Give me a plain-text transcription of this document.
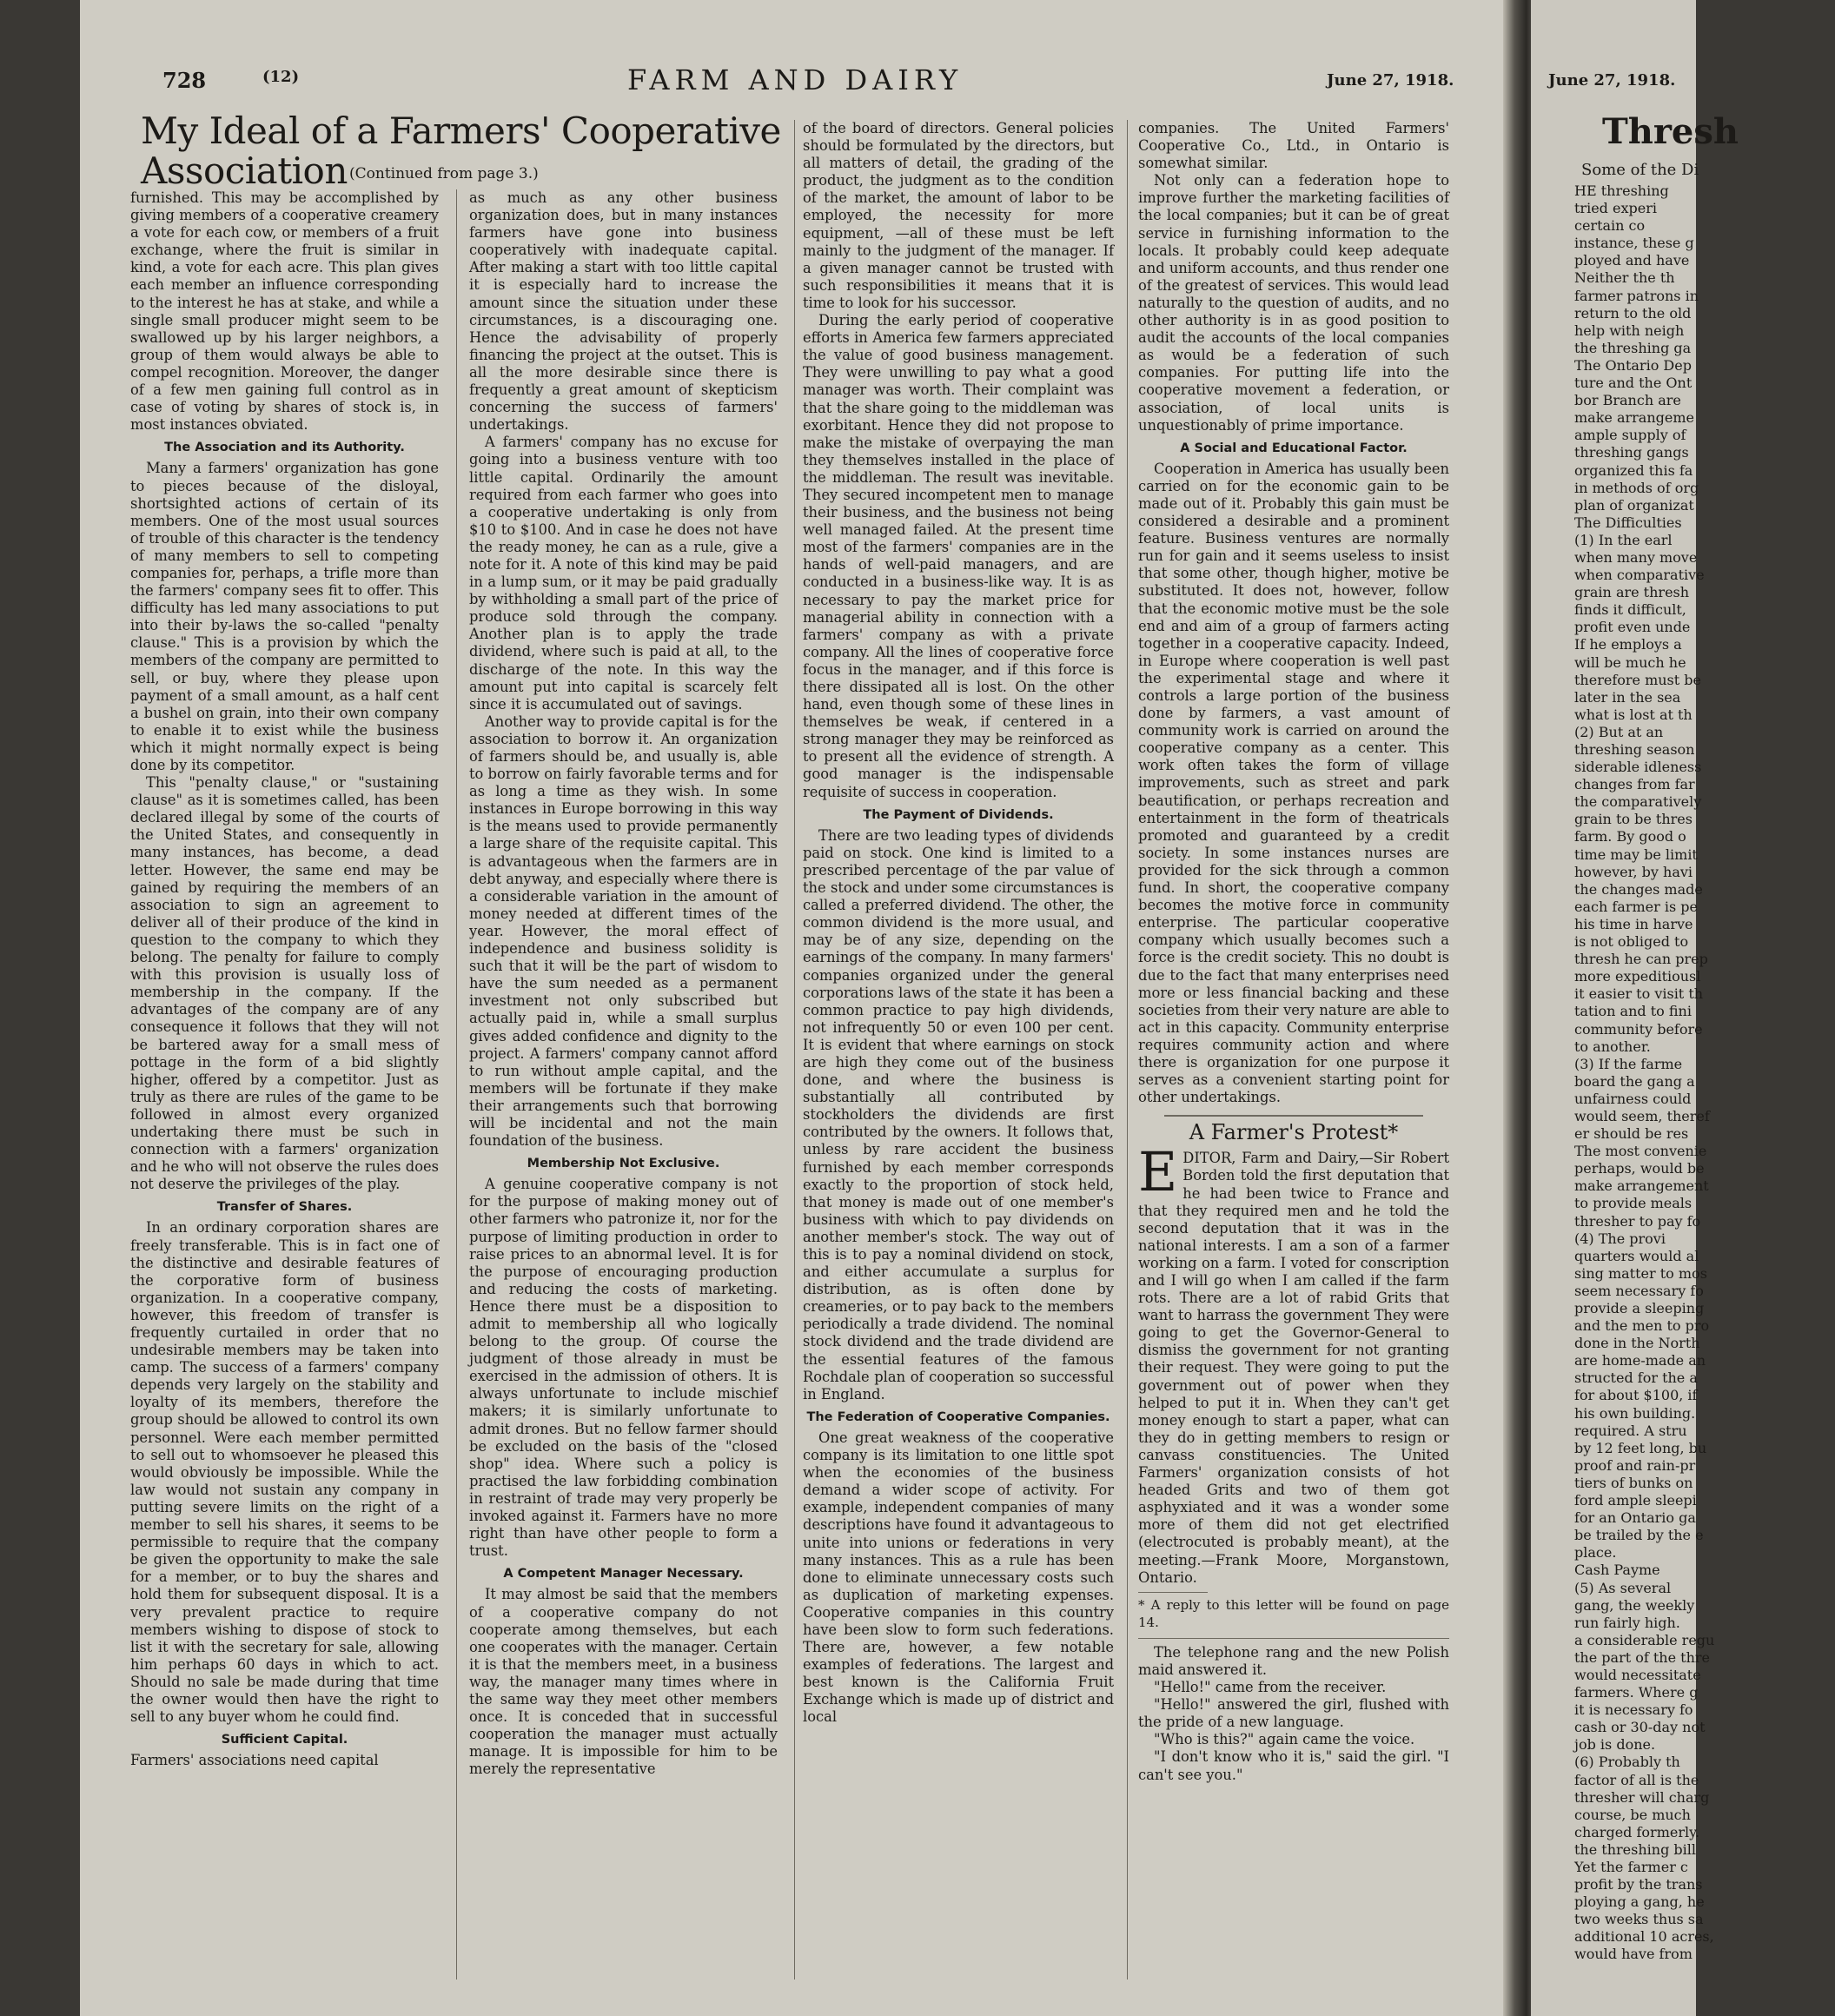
728	(12)	FARM AND DAIRY	June 27, 1918.
My Ideal of a Farmers' Cooperative Association (Continued from page 3.)

furnished. This may be accomplished by giving members of a cooperative creamery a vote for each cow, or members of a fruit exchange, where the fruit is similar in kind, a vote for each acre. This plan gives each member an influence corresponding to the interest he has at stake, and while a single small producer might seem to be swallowed up by his larger neighbors, a group of them would always be able to compel recognition. Moreover, the danger of a few men gaining full control as in case of voting by shares of stock is, in most instances obviated.

The Association and its Authority.

Many a farmers' organization has gone to pieces because of the disloyal, shortsighted actions of certain of its members. One of the most usual sources of trouble of this character is the tendency of many members to sell to competing companies for, perhaps, a trifle more than the farmers' company sees fit to offer. This difficulty has led many associations to put into their by-laws the so-called "penalty clause." This is a provision by which the members of the company are permitted to sell, or buy, where they please upon payment of a small amount, as a half cent a bushel on grain, into their own company to enable it to exist while the business which it might normally expect is being done by its competitor.

This "penalty clause," or "sustaining clause" as it is sometimes called, has been declared illegal by some of the courts of the United States, and consequently in many instances, has become, a dead letter. However, the same end may be gained by requiring the members of an association to sign an agreement to deliver all of their produce of the kind in question to the company to which they belong. The penalty for failure to comply with this provision is usually loss of membership in the company. If the advantages of the company are of any consequence it follows that they will not be bartered away for a small mess of pottage in the form of a bid slightly higher, offered by a competitor. Just as truly as there are rules of the game to be followed in almost every organized undertaking there must be such in connection with a farmers' organization and he who will not observe the rules does not deserve the privileges of the play.

Transfer of Shares.

In an ordinary corporation shares are freely transferable. This is in fact one of the distinctive and desirable features of the corporative form of business organization. In a cooperative company, however, this freedom of transfer is frequently curtailed in order that no undesirable members may be taken into camp. The success of a farmers' company depends very largely on the stability and loyalty of its members, therefore the group should be allowed to control its own personnel. Were each member permitted to sell out to whomsoever he pleased this would obviously be impossible. While the law would not sustain any company in putting severe limits on the right of a member to sell his shares, it seems to be permissible to require that the company be given the opportunity to make the sale for a member, or to buy the shares and hold them for subsequent disposal. It is a very prevalent practice to require members wishing to dispose of stock to list it with the secretary for sale, allowing him perhaps 60 days in which to act. Should no sale be made during that time the owner would then have the right to sell to any buyer whom he could find.

Sufficient Capital.

Farmers' associations need capital

as much as any other business organization does, but in many instances farmers have gone into business cooperatively with inadequate capital. After making a start with too little capital it is especially hard to increase the amount since the situation under these circumstances, is a discouraging one. Hence the advisability of properly financing the project at the outset. This is all the more desirable since there is frequently a great amount of skepticism concerning the success of farmers' undertakings.

A farmers' company has no excuse for going into a business venture with too little capital. Ordinarily the amount required from each farmer who goes into a cooperative undertaking is only from $10 to $100. And in case he does not have the ready money, he can as a rule, give a note for it. A note of this kind may be paid in a lump sum, or it may be paid gradually by withholding a small part of the price of produce sold through the company. Another plan is to apply the trade dividend, where such is paid at all, to the discharge of the note. In this way the amount put into capital is scarcely felt since it is accumulated out of savings.

Another way to provide capital is for the association to borrow it. An organization of farmers should be, and usually is, able to borrow on fairly favorable terms and for as long a time as they wish. In some instances in Europe borrowing in this way is the means used to provide permanently a large share of the requisite capital. This is advantageous when the farmers are in debt anyway, and especially where there is a considerable variation in the amount of money needed at different times of the year. However, the moral effect of independence and business solidity is such that it will be the part of wisdom to have the sum needed as a permanent investment not only subscribed but actually paid in, while a small surplus gives added confidence and dignity to the project. A farmers' company cannot afford to run without ample capital, and the members will be fortunate if they make their arrangements such that borrowing will be incidental and not the main foundation of the business.

Membership Not Exclusive.

A genuine cooperative company is not for the purpose of making money out of other farmers who patronize it, nor for the purpose of limiting production in order to raise prices to an abnormal level. It is for the purpose of encouraging production and reducing the costs of marketing. Hence there must be a disposition to admit to membership all who logically belong to the group. Of course the judgment of those already in must be exercised in the admission of others. It is always unfortunate to include mischief makers; it is similarly unfortunate to admit drones. But no fellow farmer should be excluded on the basis of the "closed shop" idea. Where such a policy is practised the law forbidding combination in restraint of trade may very properly be invoked against it. Farmers have no more right than have other people to form a trust.

A Competent Manager Necessary.

It may almost be said that the members of a cooperative company do not cooperate among themselves, but each one cooperates with the manager. Certain it is that the members meet, in a business way, the manager many times where in the same way they meet other members once. It is conceded that in successful cooperation the manager must actually manage. It is impossible for him to be merely the representative

of the board of directors. General policies should be formulated by the directors, but all matters of detail, the grading of the product, the judgment as to the condition of the market, the amount of labor to be employed, the necessity for more equipment, —all of these must be left mainly to the judgment of the manager. If a given manager cannot be trusted with such responsibilities it means that it is time to look for his successor.

During the early period of cooperative efforts in America few farmers appreciated the value of good business management. They were unwilling to pay what a good manager was worth. Their complaint was that the share going to the middleman was exorbitant. Hence they did not propose to make the mistake of overpaying the man they themselves installed in the place of the middleman. The result was inevitable. They secured incompetent men to manage their business, and the business not being well managed failed. At the present time most of the farmers' companies are in the hands of well-paid managers, and are conducted in a business-like way. It is as necessary to pay the market price for managerial ability in connection with a farmers' company as with a private company. All the lines of cooperative force focus in the manager, and if this force is there dissipated all is lost. On the other hand, even though some of these lines in themselves be weak, if centered in a strong manager they may be reinforced as to present all the evidence of strength. A good manager is the indispensable requisite of success in cooperation.

The Payment of Dividends.

There are two leading types of dividends paid on stock. One kind is limited to a prescribed percentage of the par value of the stock and under some circumstances is called a preferred dividend. The other, the common dividend is the more usual, and may be of any size, depending on the earnings of the company. In many farmers' companies organized under the general corporations laws of the state it has been a common practice to pay high dividends, not infrequently 50 or even 100 per cent. It is evident that where earnings on stock are high they come out of the business done, and where the business is substantially all contributed by stockholders the dividends are first contributed by the owners. It follows that, unless by rare accident the business furnished by each member corresponds exactly to the proportion of stock held, that money is made out of one member's business with which to pay dividends on another member's stock. The way out of this is to pay a nominal dividend on stock, and either accumulate a surplus for distribution, as is often done by creameries, or to pay back to the members periodically a trade dividend. The nominal stock dividend and the trade dividend are the essential features of the famous Rochdale plan of cooperation so successful in England.

The Federation of Cooperative Companies.

One great weakness of the cooperative company is its limitation to one little spot when the economies of the business demand a wider scope of activity. For example, independent companies of many descriptions have found it advantageous to unite into unions or federations in very many instances. This as a rule has been done to eliminate unnecessary costs such as duplication of marketing expenses. Cooperative companies in this country have been slow to form such federations. There are, however, a few notable examples of federations. The largest and best known is the California Fruit Exchange which is made up of district and local

companies. The United Farmers' Cooperative Co., Ltd., in Ontario is somewhat similar.

Not only can a federation hope to improve further the marketing facilities of the local companies; but it can be of great service in furnishing information to the locals. It probably could keep adequate and uniform accounts, and thus render one of the greatest of services. This would lead naturally to the question of audits, and no other authority is in as good position to audit the accounts of the local companies as would be a federation of such companies. For putting life into the cooperative movement a federation, or association, of local units is unquestionably of prime importance.

A Social and Educational Factor.

Cooperation in America has usually been carried on for the economic gain to be made out of it. Probably this gain must be considered a desirable and a prominent feature. Business ventures are normally run for gain and it seems useless to insist that some other, though higher, motive be substituted. It does not, however, follow that the economic motive must be the sole end and aim of a group of farmers acting together in a cooperative capacity. Indeed, in Europe where cooperation is well past the experimental stage and where it controls a large portion of the business done by farmers, a vast amount of community work is carried on around the cooperative company as a center. This work often takes the form of village improvements, such as street and park beautification, or perhaps recreation and entertainment in the form of theatricals promoted and guaranteed by a credit society. In some instances nurses are provided for the sick through a common fund. In short, the cooperative company becomes the motive force in community enterprise. The particular cooperative company which usually becomes such a force is the credit society. This no doubt is due to the fact that many enterprises need more or less financial backing and these societies from their very nature are able to act in this capacity. Community enterprise requires community action and where there is organization for one purpose it serves as a convenient starting point for other undertakings.

A Farmer's Protest*

EDITOR, Farm and Dairy,—Sir Robert Borden told the first deputation that he had been twice to France and that they required men and he told the second deputation that it was in the national interests. I am a son of a farmer working on a farm. I voted for conscription and I will go when I am called if the farm rots. There are a lot of rabid Grits that want to harrass the government They were going to get the Governor-General to dismiss the government for not granting their request. They were going to put the government out of power when they helped to put it in. When they can't get money enough to start a paper, what can they do in getting members to resign or canvass constituencies. The United Farmers' organization consists of hot headed Grits and two of them got asphyxiated and it was a wonder some more of them did not get electrified (electrocuted is probably meant), at the meeting.—Frank Moore, Morganstown, Ontario.

* A reply to this letter will be found on page 14.

The telephone rang and the new Polish maid answered it.

"Hello!" came from the receiver.

"Hello!" answered the girl, flushed with the pride of a new language.

"Who is this?" again came the voice.

"I don't know who it is," said the girl. "I can't see you."

June 27, 1918.
Thresh
Some of the Di
HE threshing
tried experi
certain co
instance, these g
ployed and have
Neither the th
farmer patrons in
return to the old
help with neigh
the threshing ga
The Ontario Dep
ture and the Ont
bor Branch are
make arrangeme
ample supply of
threshing gangs
organized this fa
in methods of org
plan of organizat
The Difficulties
(1) In the earl
when many move
when comparative
grain are thresh
finds it difficult,
profit even unde
If he employs a
will be much he
therefore must be
later in the sea
what is lost at th
(2) But at an
threshing season
siderable idleness
changes from far
the comparatively
grain to be thres
farm. By good o
time may be limit
however, by havi
the changes made
each farmer is pe
his time in harve
is not obliged to
thresh he can prep
more expeditiousl
it easier to visit th
tation and to fini
community before
to another.
(3) If the farme
board the gang a
unfairness could
would seem, theref
er should be res
The most convenie
perhaps, would be
make arrangement
to provide meals
thresher to pay fo
(4) The provi
quarters would al
sing matter to mos
seem necessary fo
provide a sleeping
and the men to pro
done in the North
are home-made an
structed for the a
for about $100, if
his own building.
required. A stru
by 12 feet long, bu
proof and rain-pr
tiers of bunks on
ford ample sleepi
for an Ontario ga
be trailed by the e
place.
Cash Payme
(5) As several
gang, the weekly
run fairly high.
a considerable regu
the part of the thre
would necessitate
farmers. Where g
it is necessary fo
cash or 30-day not
job is done.
(6) Probably th
factor of all is the
thresher will charg
course, be much
charged formerly.
the threshing bill
Yet the farmer c
profit by the trans
ploying a gang, he
two weeks thus sa
additional 10 acres,
would have from
